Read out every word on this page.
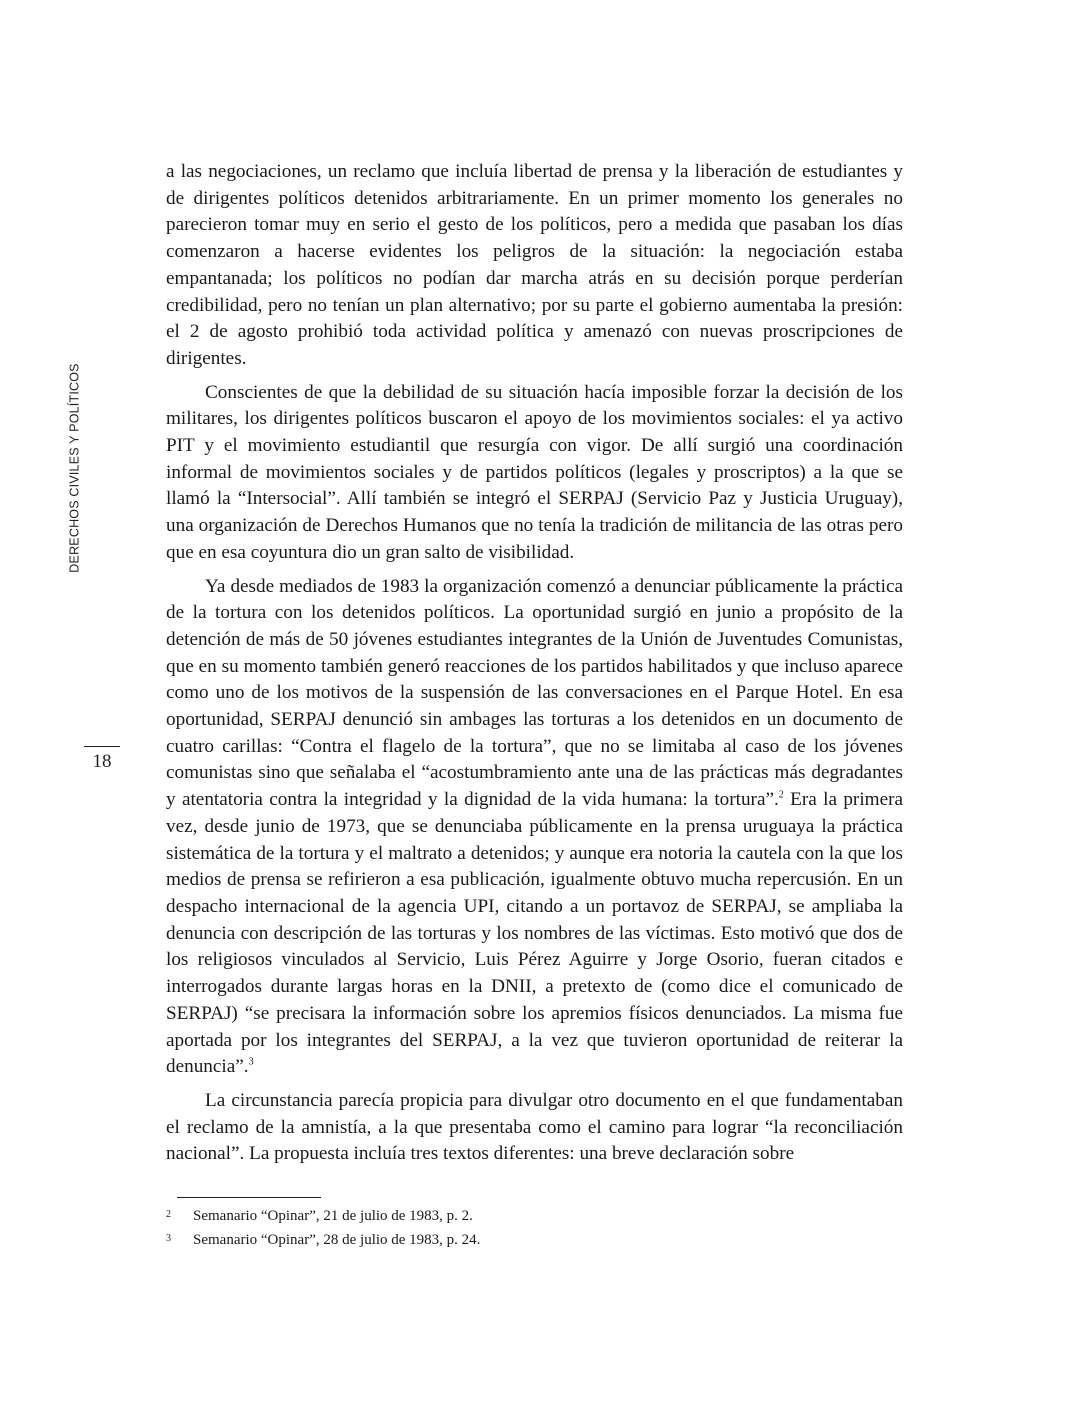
DERECHOS CIVILES Y POLÍTICOS
18

a las negociaciones, un reclamo que incluía libertad de prensa y la liberación de estudiantes y de dirigentes políticos detenidos arbitrariamente. En un primer momento los generales no parecieron tomar muy en serio el gesto de los políticos, pero a medida que pasaban los días comenzaron a hacerse evidentes los peligros de la situación: la negociación estaba empantanada; los políticos no podían dar marcha atrás en su decisión porque perderían credibilidad, pero no tenían un plan alternativo; por su parte el gobierno aumentaba la presión: el 2 de agosto prohibió toda actividad política y amenazó con nuevas proscripciones de dirigentes.

Conscientes de que la debilidad de su situación hacía imposible forzar la decisión de los militares, los dirigentes políticos buscaron el apoyo de los movimientos sociales: el ya activo PIT y el movimiento estudiantil que resurgía con vigor. De allí surgió una coordinación informal de movimientos sociales y de partidos políticos (legales y proscriptos) a la que se llamó la “Intersocial”. Allí también se integró el SERPAJ (Servicio Paz y Justicia Uruguay), una organización de Derechos Humanos que no tenía la tradición de militancia de las otras pero que en esa coyuntura dio un gran salto de visibilidad.

Ya desde mediados de 1983 la organización comenzó a denunciar públicamente la práctica de la tortura con los detenidos políticos. La oportunidad surgió en junio a propósito de la detención de más de 50 jóvenes estudiantes integrantes de la Unión de Juventudes Comunistas, que en su momento también generó reacciones de los partidos habilitados y que incluso aparece como uno de los motivos de la suspensión de las conversaciones en el Parque Hotel. En esa oportunidad, SERPAJ denunció sin ambages las torturas a los detenidos en un documento de cuatro carillas: “Contra el flagelo de la tortura”, que no se limitaba al caso de los jóvenes comunistas sino que señalaba el “acostumbramiento ante una de las prácticas más degradantes y atentatoria contra la integridad y la dignidad de la vida humana: la tortura”.$^2$ Era la primera vez, desde junio de 1973, que se denunciaba públicamente en la prensa uruguaya la práctica sistemática de la tortura y el maltrato a detenidos; y aunque era notoria la cautela con la que los medios de prensa se refirieron a esa publicación, igualmente obtuvo mucha repercusión. En un despacho internacional de la agencia UPI, citando a un portavoz de SERPAJ, se ampliaba la denuncia con descripción de las torturas y los nombres de las víctimas. Esto motivó que dos de los religiosos vinculados al Servicio, Luis Pérez Aguirre y Jorge Osorio, fueran citados e interrogados durante largas horas en la DNII, a pretexto de (como dice el comunicado de SERPAJ) “se precisara la información sobre los apremios físicos denunciados. La misma fue aportada por los integrantes del SERPAJ, a la vez que tuvieron oportunidad de reiterar la denuncia”.$^3$

La circunstancia parecía propicia para divulgar otro documento en el que fundamentaban el reclamo de la amnistía, a la que presentaba como el camino para lograr “la reconciliación nacional”. La propuesta incluía tres textos diferentes: una breve declaración sobre

2	Semanario “Opinar”, 21 de julio de 1983, p. 2.
3	Semanario “Opinar”, 28 de julio de 1983, p. 24.
